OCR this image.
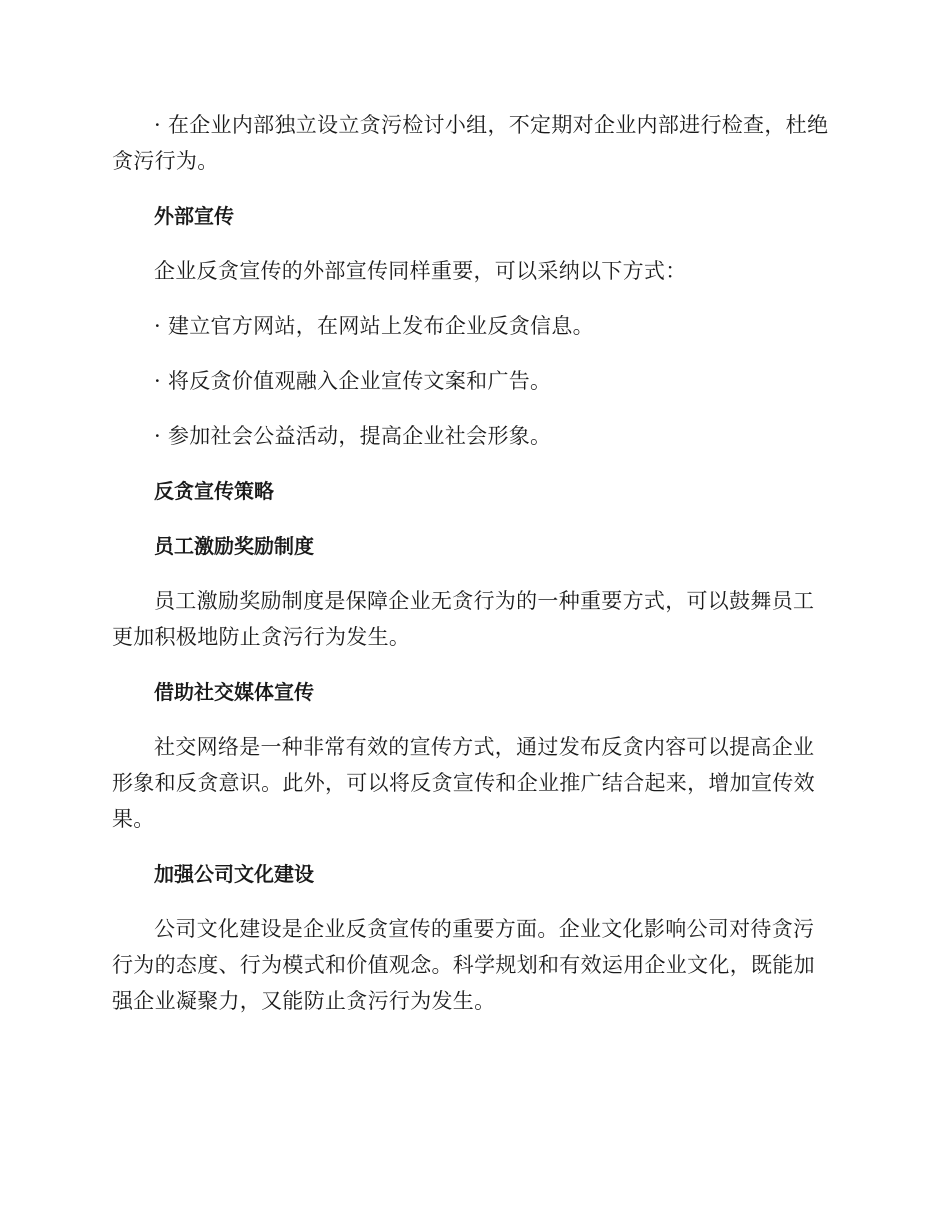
· 在企业内部独立设立贪污检讨小组，不定期对企业内部进行检查，杜绝贪污行为。

外部宣传

企业反贪宣传的外部宣传同样重要，可以采纳以下方式：

· 建立官方网站，在网站上发布企业反贪信息。

· 将反贪价值观融入企业宣传文案和广告。

· 参加社会公益活动，提高企业社会形象。

反贪宣传策略

员工激励奖励制度

员工激励奖励制度是保障企业无贪行为的一种重要方式，可以鼓舞员工更加积极地防止贪污行为发生。

借助社交媒体宣传

社交网络是一种非常有效的宣传方式，通过发布反贪内容可以提高企业形象和反贪意识。此外，可以将反贪宣传和企业推广结合起来，增加宣传效果。

加强公司文化建设

公司文化建设是企业反贪宣传的重要方面。企业文化影响公司对待贪污行为的态度、行为模式和价值观念。科学规划和有效运用企业文化，既能加强企业凝聚力，又能防止贪污行为发生。
